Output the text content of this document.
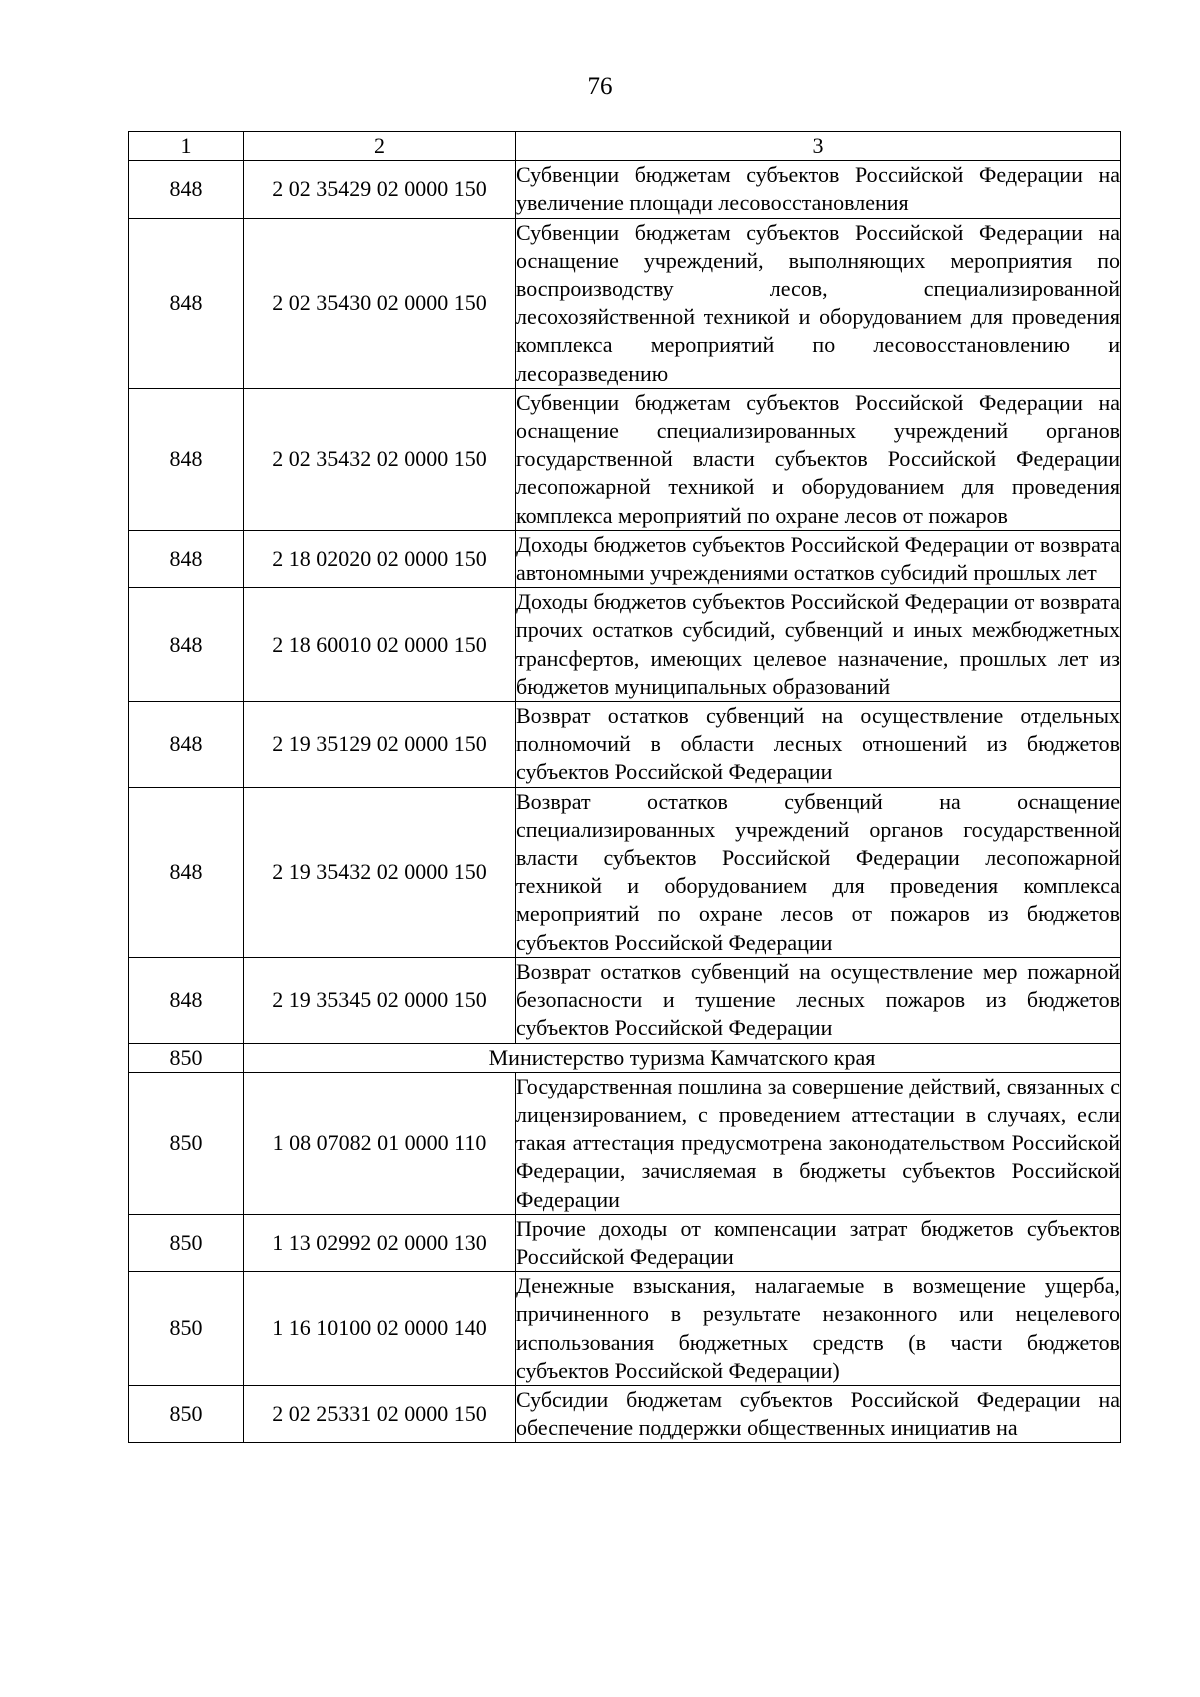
76
1	2	3
848	2 02 35429 02 0000 150	Субвенции бюджетам субъектов Российской Федерации на увеличение площади лесовосстановления
848	2 02 35430 02 0000 150	Субвенции бюджетам субъектов Российской Федерации на оснащение учреждений, выполняющих мероприятия по воспроизводству лесов, специализированной лесохозяйственной техникой и оборудованием для проведения комплекса мероприятий по лесовосстановлению и лесоразведению
848	2 02 35432 02 0000 150	Субвенции бюджетам субъектов Российской Федерации на оснащение специализированных учреждений органов государственной власти субъектов Российской Федерации лесопожарной техникой и оборудованием для проведения комплекса мероприятий по охране лесов от пожаров
848	2 18 02020 02 0000 150	Доходы бюджетов субъектов Российской Федерации от возврата автономными учреждениями остатков субсидий прошлых лет
848	2 18 60010 02 0000 150	Доходы бюджетов субъектов Российской Федерации от возврата прочих остатков субсидий, субвенций и иных межбюджетных трансфертов, имеющих целевое назначение, прошлых лет из бюджетов муниципальных образований
848	2 19 35129 02 0000 150	Возврат остатков субвенций на осуществление отдельных полномочий в области лесных отношений из бюджетов субъектов Российской Федерации
848	2 19 35432 02 0000 150	Возврат остатков субвенций на оснащение специализированных учреждений органов государственной власти субъектов Российской Федерации лесопожарной техникой и оборудованием для проведения комплекса мероприятий по охране лесов от пожаров из бюджетов субъектов Российской Федерации
848	2 19 35345 02 0000 150	Возврат остатков субвенций на осуществление мер пожарной безопасности и тушение лесных пожаров из бюджетов субъектов Российской Федерации
850	Министерство туризма Камчатского края	
850	1 08 07082 01 0000 110	Государственная пошлина за совершение действий, связанных с лицензированием, с проведением аттестации в случаях, если такая аттестация предусмотрена законодательством Российской Федерации, зачисляемая в бюджеты субъектов Российской Федерации
850	1 13 02992 02 0000 130	Прочие доходы от компенсации затрат бюджетов субъектов Российской Федерации
850	1 16 10100 02 0000 140	Денежные взыскания, налагаемые в возмещение ущерба, причиненного в результате незаконного или нецелевого использования бюджетных средств (в части бюджетов субъектов Российской Федерации)
850	2 02 25331 02 0000 150	Субсидии бюджетам субъектов Российской Федерации на обеспечение поддержки общественных инициатив на
